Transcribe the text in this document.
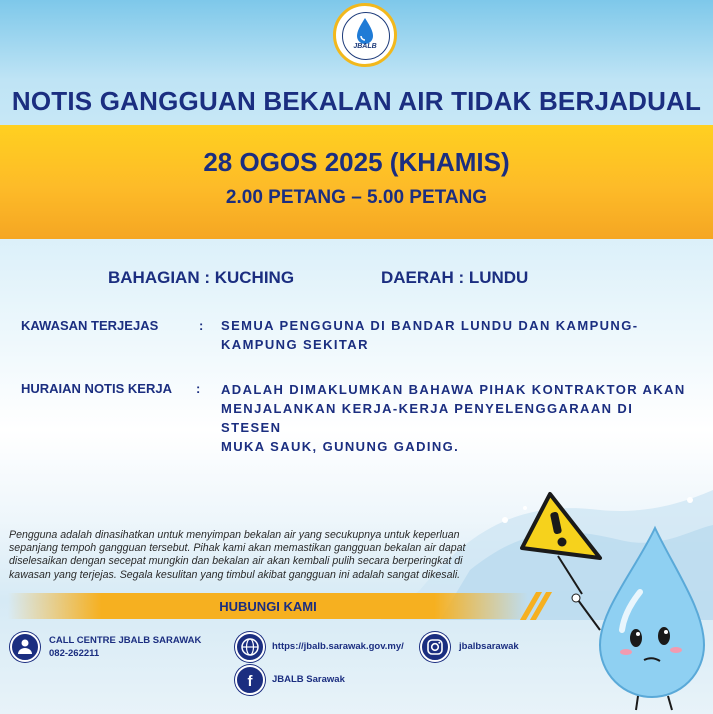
JBALB
NOTIS GANGGUAN BEKALAN AIR TIDAK BERJADUAL
28 OGOS 2025 (KHAMIS)
2.00 PETANG – 5.00 PETANG
BAHAGIAN : KUCHING	DAERAH : LUNDU
KAWASAN TERJEJAS	: SEMUA PENGGUNA DI BANDAR LUNDU DAN KAMPUNG-
KAMPUNG SEKITAR
HURAIAN NOTIS KERJA : ADALAH DIMAKLUMKAN BAHAWA PIHAK KONTRAKTOR AKAN
MENJALANKAN KERJA-KERJA PENYELENGGARAAN DI STESEN
MUKA SAUK, GUNUNG GADING.
Pengguna adalah dinasihatkan untuk menyimpan bekalan air yang secukupnya untuk keperluan
sepanjang tempoh gangguan tersebut. Pihak kami akan memastikan gangguan bekalan air dapat
diselesaikan dengan secepat mungkin dan bekalan air akan kembali pulih secara berperingkat di
kawasan yang terjejas. Segala kesulitan yang timbul akibat gangguan ini adalah sangat dikesali.
HUBUNGI KAMI
CALL CENTRE JBALB SARAWAK
082-262211
https://jbalb.sarawak.gov.my/	jbalbsarawak
f JBALB Sarawak
